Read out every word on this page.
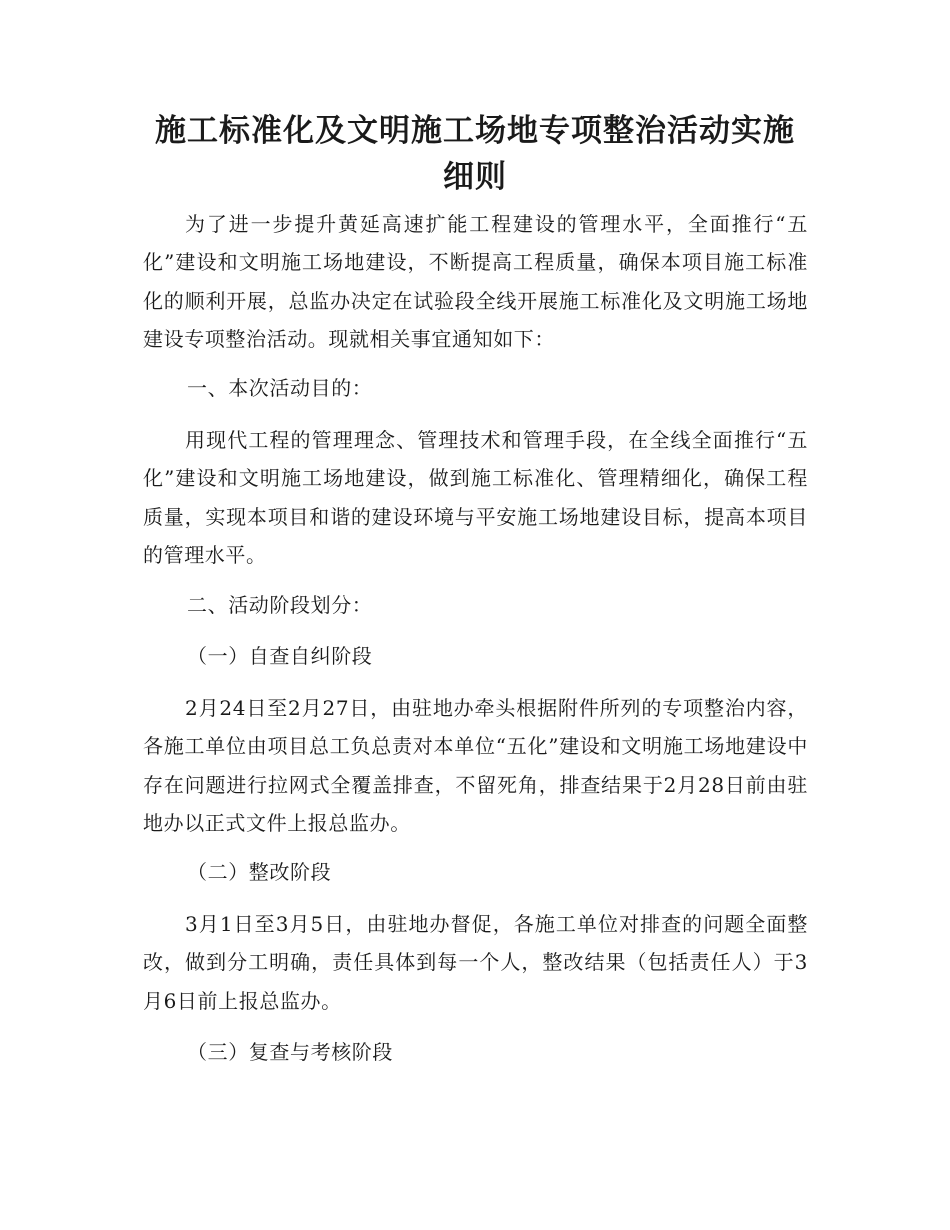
施工标准化及文明施工场地专项整治活动实施细则

为了进一步提升黄延高速扩能工程建设的管理水平，全面推行“五化”建设和文明施工场地建设，不断提高工程质量，确保本项目施工标准化的顺利开展，总监办决定在试验段全线开展施工标准化及文明施工场地建设专项整治活动。现就相关事宜通知如下：

一、本次活动目的：

用现代工程的管理理念、管理技术和管理手段，在全线全面推行“五化”建设和文明施工场地建设，做到施工标准化、管理精细化，确保工程质量，实现本项目和谐的建设环境与平安施工场地建设目标，提高本项目的管理水平。

二、活动阶段划分：

（一）自查自纠阶段

2月24日至2月27日，由驻地办牵头根据附件所列的专项整治内容，各施工单位由项目总工负总责对本单位“五化”建设和文明施工场地建设中存在问题进行拉网式全覆盖排查，不留死角，排查结果于2月28日前由驻地办以正式文件上报总监办。

（二）整改阶段

3月1日至3月5日，由驻地办督促，各施工单位对排查的问题全面整改，做到分工明确，责任具体到每一个人，整改结果（包括责任人）于3月6日前上报总监办。

（三）复查与考核阶段
